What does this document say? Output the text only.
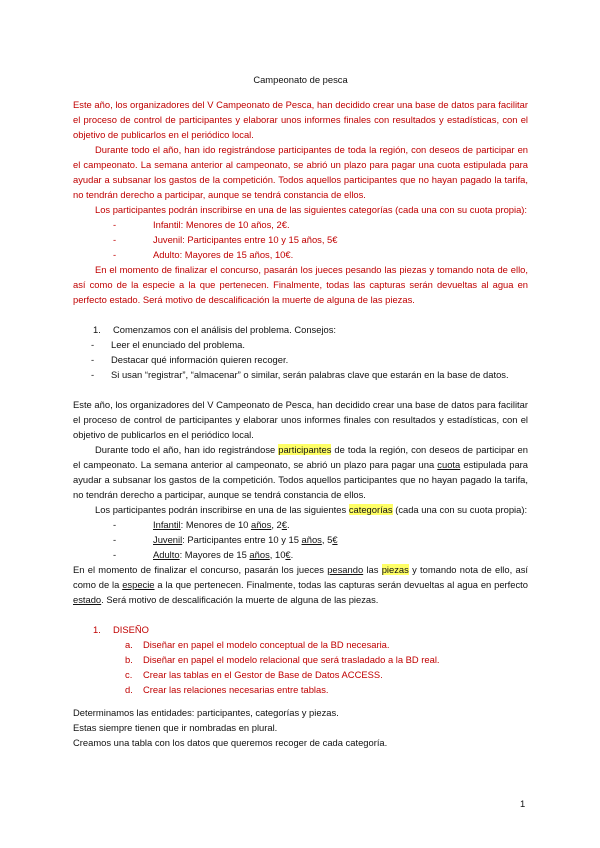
Campeonato de pesca

Este año, los organizadores del V Campeonato de Pesca, han decidido crear una base de datos para facilitar el proceso de control de participantes y elaborar unos informes finales con resultados y estadísticas, con el objetivo de publicarlos en el periódico local.

Durante todo el año, han ido registrándose participantes de toda la región, con deseos de participar en el campeonato. La semana anterior al campeonato, se abrió un plazo para pagar una cuota estipulada para ayudar a subsanar los gastos de la competición. Todos aquellos participantes que no hayan pagado la tarifa, no tendrán derecho a participar, aunque se tendrá constancia de ellos.

Los participantes podrán inscribirse en una de las siguientes categorías (cada una con su cuota propia):

-	Infantil: Menores de 10 años, 2€.
-	Juvenil: Participantes entre 10 y 15 años, 5€
-	Adulto: Mayores de 15 años, 10€.

En el momento de finalizar el concurso, pasarán los jueces pesando las piezas y tomando nota de ello, así como de la especie a la que pertenecen. Finalmente, todas las capturas serán devueltas al agua en perfecto estado. Será motivo de descalificación la muerte de alguna de las piezas.

1.	Comenzamos con el análisis del problema. Consejos:
-	Leer el enunciado del problema.
-	Destacar qué información quieren recoger.
-	Si usan “registrar”, “almacenar” o similar, serán palabras clave que estarán en la base de datos.

Este año, los organizadores del V Campeonato de Pesca, han decidido crear una base de datos para facilitar el proceso de control de participantes y elaborar unos informes finales con resultados y estadísticas, con el objetivo de publicarlos en el periódico local.

Durante todo el año, han ido registrándose participantes de toda la región, con deseos de participar en el campeonato. La semana anterior al campeonato, se abrió un plazo para pagar una cuota estipulada para ayudar a subsanar los gastos de la competición. Todos aquellos participantes que no hayan pagado la tarifa, no tendrán derecho a participar, aunque se tendrá constancia de ellos.

Los participantes podrán inscribirse en una de las siguientes categorías (cada una con su cuota propia):

-	Infantil: Menores de 10 años, 2€.
-	Juvenil: Participantes entre 10 y 15 años, 5€
-	Adulto: Mayores de 15 años, 10€.

En el momento de finalizar el concurso, pasarán los jueces pesando las piezas y tomando nota de ello, así como de la especie a la que pertenecen. Finalmente, todas las capturas serán devueltas al agua en perfecto estado. Será motivo de descalificación la muerte de alguna de las piezas.

1.	DISEÑO
a.	Diseñar en papel el modelo conceptual de la BD necesaria.
b.	Diseñar en papel el modelo relacional que será trasladado a la BD real.
c.	Crear las tablas en el Gestor de Base de Datos ACCESS.
d.	Crear las relaciones necesarias entre tablas.

Determinamos las entidades: participantes, categorías y piezas.

Estas siempre tienen que ir nombradas en plural.

Creamos una tabla con los datos que queremos recoger de cada categoría.

1
